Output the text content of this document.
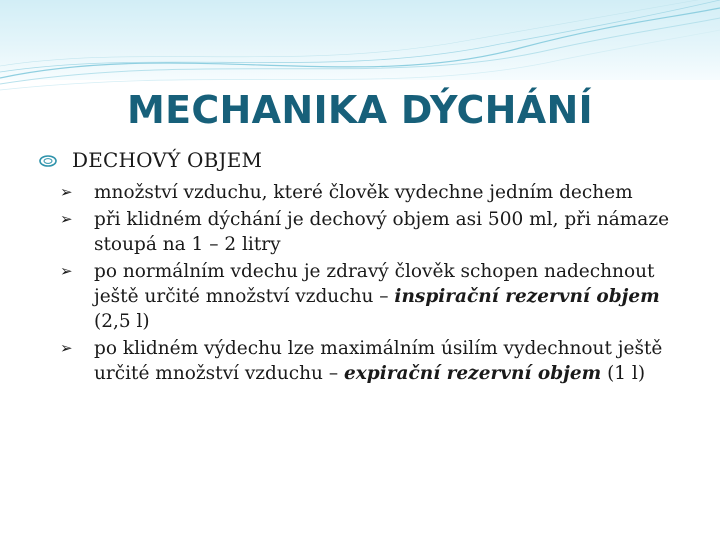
MECHANIKA DÝCHÁNÍ
DECHOVÝ OBJEM
➢ množství vzduchu, které člověk vydechne jedním dechem
➢ při klidném dýchání je dechový objem asi 500 ml, při námaze stoupá na 1 – 2 litry
➢ po normálním vdechu je zdravý člověk schopen nadechnout ještě určité množství vzduchu – inspirační rezervní objem (2,5 l)
➢ po klidném výdechu lze maximálním úsilím vydechnout ještě určité množství vzduchu – expirační rezervní objem (1 l)
